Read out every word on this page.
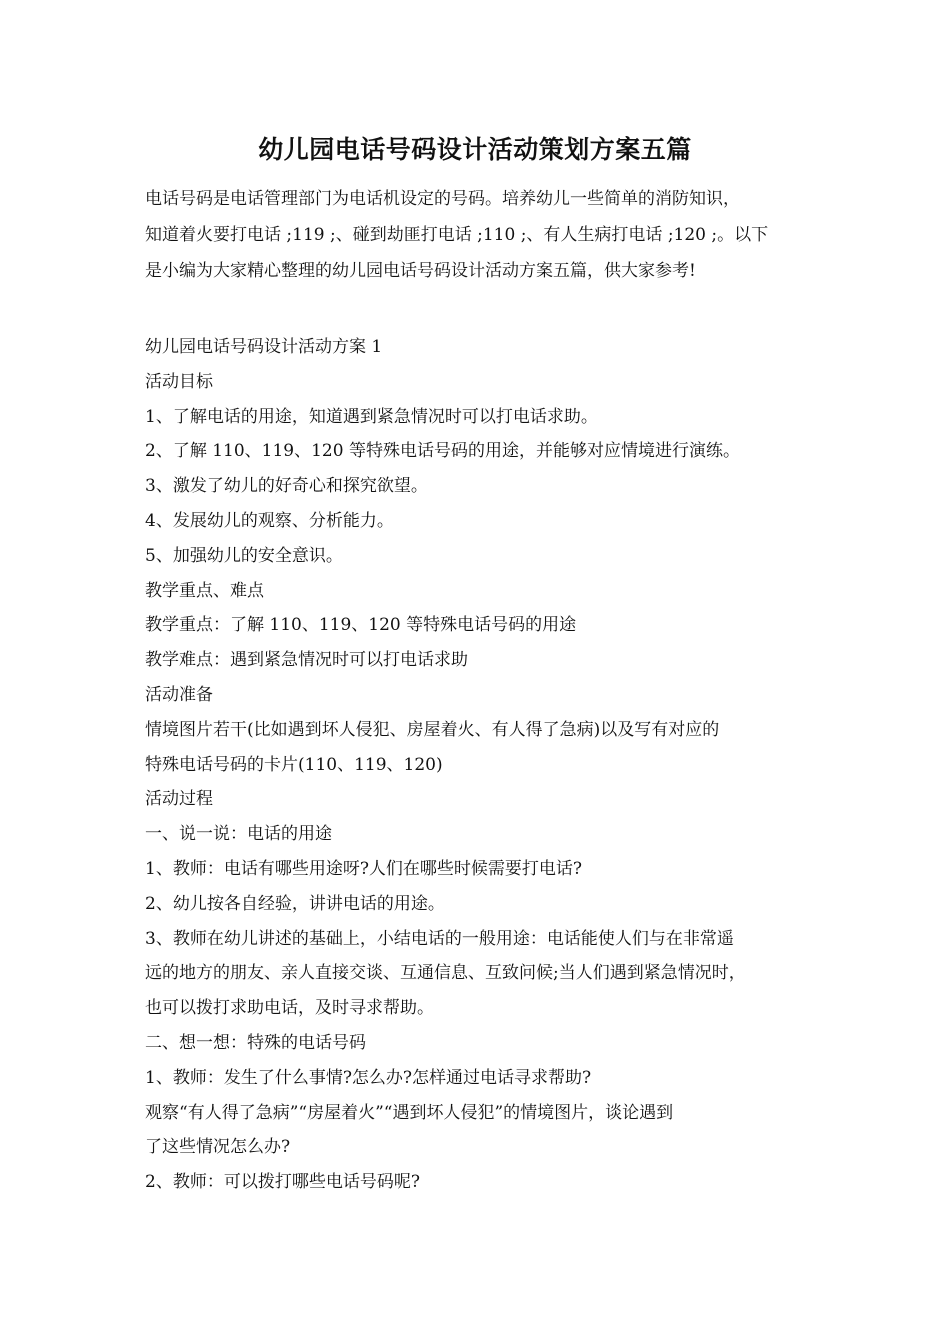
幼儿园电话号码设计活动策划方案五篇

电话号码是电话管理部门为电话机设定的号码。培养幼儿一些简单的消防知识，

知道着火要打电话 ;119 ;、碰到劫匪打电话 ;110 ;、有人生病打电话 ;120 ;。以下

是小编为大家精心整理的幼儿园电话号码设计活动方案五篇，供大家参考!

幼儿园电话号码设计活动方案 1

活动目标

1、了解电话的用途，知道遇到紧急情况时可以打电话求助。

2、了解 110、119、120 等特殊电话号码的用途，并能够对应情境进行演练。

3、激发了幼儿的好奇心和探究欲望。

4、发展幼儿的观察、分析能力。

5、加强幼儿的安全意识。

教学重点、难点

教学重点：了解 110、119、120 等特殊电话号码的用途

教学难点：遇到紧急情况时可以打电话求助

活动准备

情境图片若干(比如遇到坏人侵犯、房屋着火、有人得了急病)以及写有对应的

特殊电话号码的卡片(110、119、120)

活动过程

一、说一说：电话的用途

1、教师：电话有哪些用途呀?人们在哪些时候需要打电话?

2、幼儿按各自经验，讲讲电话的用途。

3、教师在幼儿讲述的基础上，小结电话的一般用途：电话能使人们与在非常遥

远的地方的朋友、亲人直接交谈、互通信息、互致问候;当人们遇到紧急情况时，

也可以拨打求助电话，及时寻求帮助。

二、想一想：特殊的电话号码

1、教师：发生了什么事情?怎么办?怎样通过电话寻求帮助?

观察“有人得了急病”“房屋着火”“遇到坏人侵犯”的情境图片，谈论遇到

了这些情况怎么办?

2、教师：可以拨打哪些电话号码呢?
